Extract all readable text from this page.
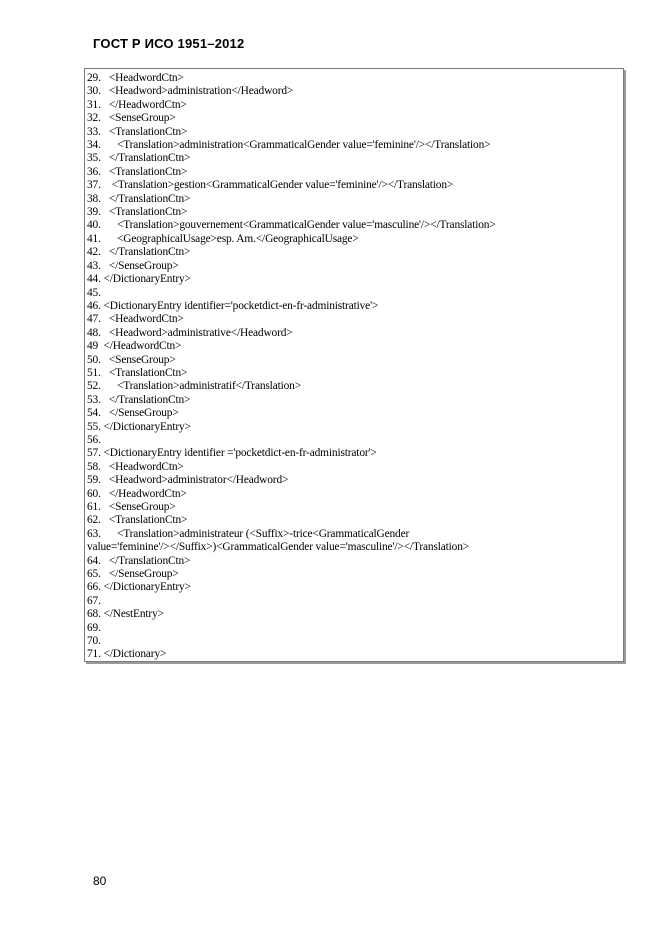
ГОСТ Р ИСО 1951–2012
29.   <HeadwordCtn>
30.   <Headword>administration</Headword>
31.   </HeadwordCtn>
32.   <SenseGroup>
33.   <TranslationCtn>
34.      <Translation>administration<GrammaticalGender value='feminine'/></Translation>
35.   </TranslationCtn>
36.   <TranslationCtn>
37.    <Translation>gestion<GrammaticalGender value='feminine'/></Translation>
38.   </TranslationCtn>
39.   <TranslationCtn>
40.      <Translation>gouvernement<GrammaticalGender value='masculine'/></Translation>
41.      <GeographicalUsage>esp. Am.</GeographicalUsage>
42.   </TranslationCtn>
43.   </SenseGroup>
44. </DictionaryEntry>
45.
46. <DictionaryEntry identifier='pocketdict-en-fr-administrative'>
47.   <HeadwordCtn>
48.   <Headword>administrative</Headword>
49  </HeadwordCtn>
50.   <SenseGroup>
51.   <TranslationCtn>
52.      <Translation>administratif</Translation>
53.   </TranslationCtn>
54.   </SenseGroup>
55. </DictionaryEntry>
56.
57. <DictionaryEntry identifier ='pocketdict-en-fr-administrator'>
58.   <HeadwordCtn>
59.   <Headword>administrator</Headword>
60.   </HeadwordCtn>
61.   <SenseGroup>
62.   <TranslationCtn>
63.      <Translation>administrateur (<Suffix>-trice<GrammaticalGender
value='feminine'/></Suffix>)<GrammaticalGender value='masculine'/></Translation>
64.   </TranslationCtn>
65.   </SenseGroup>
66. </DictionaryEntry>
67.
68. </NestEntry>
69.
70.
71. </Dictionary>
80
